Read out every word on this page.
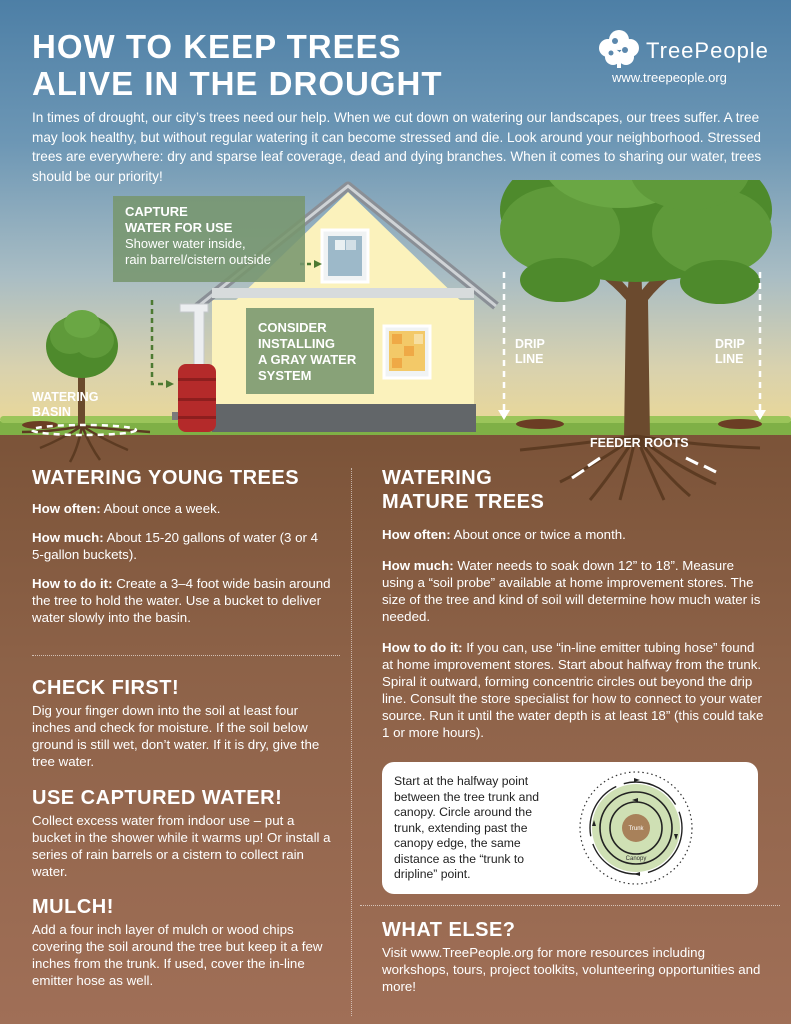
HOW TO KEEP TREES
ALIVE IN THE DROUGHT
TreePeople
www.treepeople.org

In times of drought, our city’s trees need our help. When we cut down on watering our landscapes, our trees suffer. A tree may look healthy, but without regular watering it can become stressed and die. Look around your neighborhood. Stressed trees are everywhere: dry and sparse leaf coverage, dead and dying branches. When it comes to sharing our water, trees should be our priority!

CAPTURE
WATER FOR USE
Shower water inside,
rain barrel/cistern outside
CONSIDER
INSTALLING
A GRAY WATER
SYSTEM
WATERING
BASIN
DRIP
LINE
DRIP
LINE
FEEDER ROOTS
WATERING YOUNG TREES

How often: About once a week.

How much: About 15-20 gallons of water (3 or 4 5-gallon buckets).

How to do it: Create a 3–4 foot wide basin around the tree to hold the water. Use a bucket to deliver water slowly into the basin.

CHECK FIRST!

Dig your finger down into the soil at least four inches and check for moisture. If the soil below ground is still wet, don’t water. If it is dry, give the tree water.

USE CAPTURED WATER!

Collect excess water from indoor use – put a bucket in the shower while it warms up! Or install a series of rain barrels or a cistern to collect rain water.

MULCH!

Add a four inch layer of mulch or wood chips covering the soil around the tree but keep it a few inches from the trunk. If used, cover the in-line emitter hose as well.

WATERING
MATURE TREES

How often: About once or twice a month.

How much: Water needs to soak down 12” to 18”. Measure using a “soil probe” available at home improvement stores. The size of the tree and kind of soil will determine how much water is needed.

How to do it: If you can, use “in-line emitter tubing hose” found at home improvement stores. Start about halfway from the trunk. Spiral it outward, forming concentric circles out beyond the drip line. Consult the store specialist for how to connect to your water source. Run it until the water depth is at least 18” (this could take 1 or more hours).

Start at the halfway point between the tree trunk and canopy. Circle around the trunk, extending past the canopy edge, the same distance as the “trunk to dripline” point.

Trunk
Canopy
WHAT ELSE?

Visit www.TreePeople.org for more resources including workshops, tours, project toolkits, volunteering opportunities and more!
